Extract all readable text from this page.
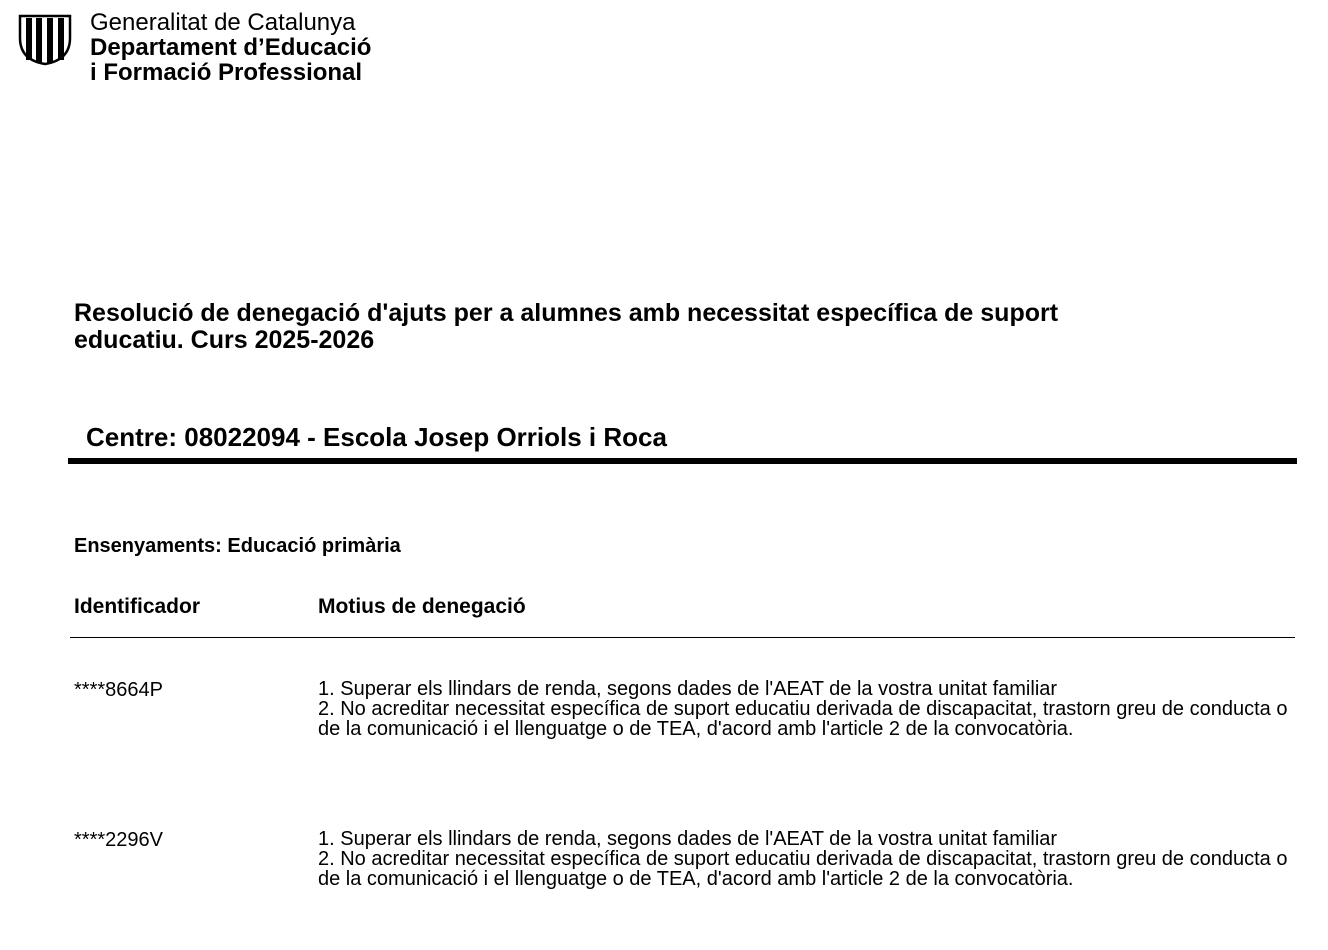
Generalitat de Catalunya
Departament d’Educació
i Formació Professional
Resolució de denegació d'ajuts per a alumnes amb necessitat específica de suport
educatiu. Curs 2025-2026
Centre: 08022094 - Escola Josep Orriols i Roca
Ensenyaments: Educació primària
Identificador	Motius de denegació
****8664P	1. Superar els llindars de renda, segons dades de l'AEAT de la vostra unitat familiar
2. No acreditar necessitat específica de suport educatiu derivada de discapacitat, trastorn greu de conducta o de la comunicació i el llenguatge o de TEA, d'acord amb l'article 2 de la convocatòria.
****2296V	1. Superar els llindars de renda, segons dades de l'AEAT de la vostra unitat familiar
2. No acreditar necessitat específica de suport educatiu derivada de discapacitat, trastorn greu de conducta o de la comunicació i el llenguatge o de TEA, d'acord amb l'article 2 de la convocatòria.
